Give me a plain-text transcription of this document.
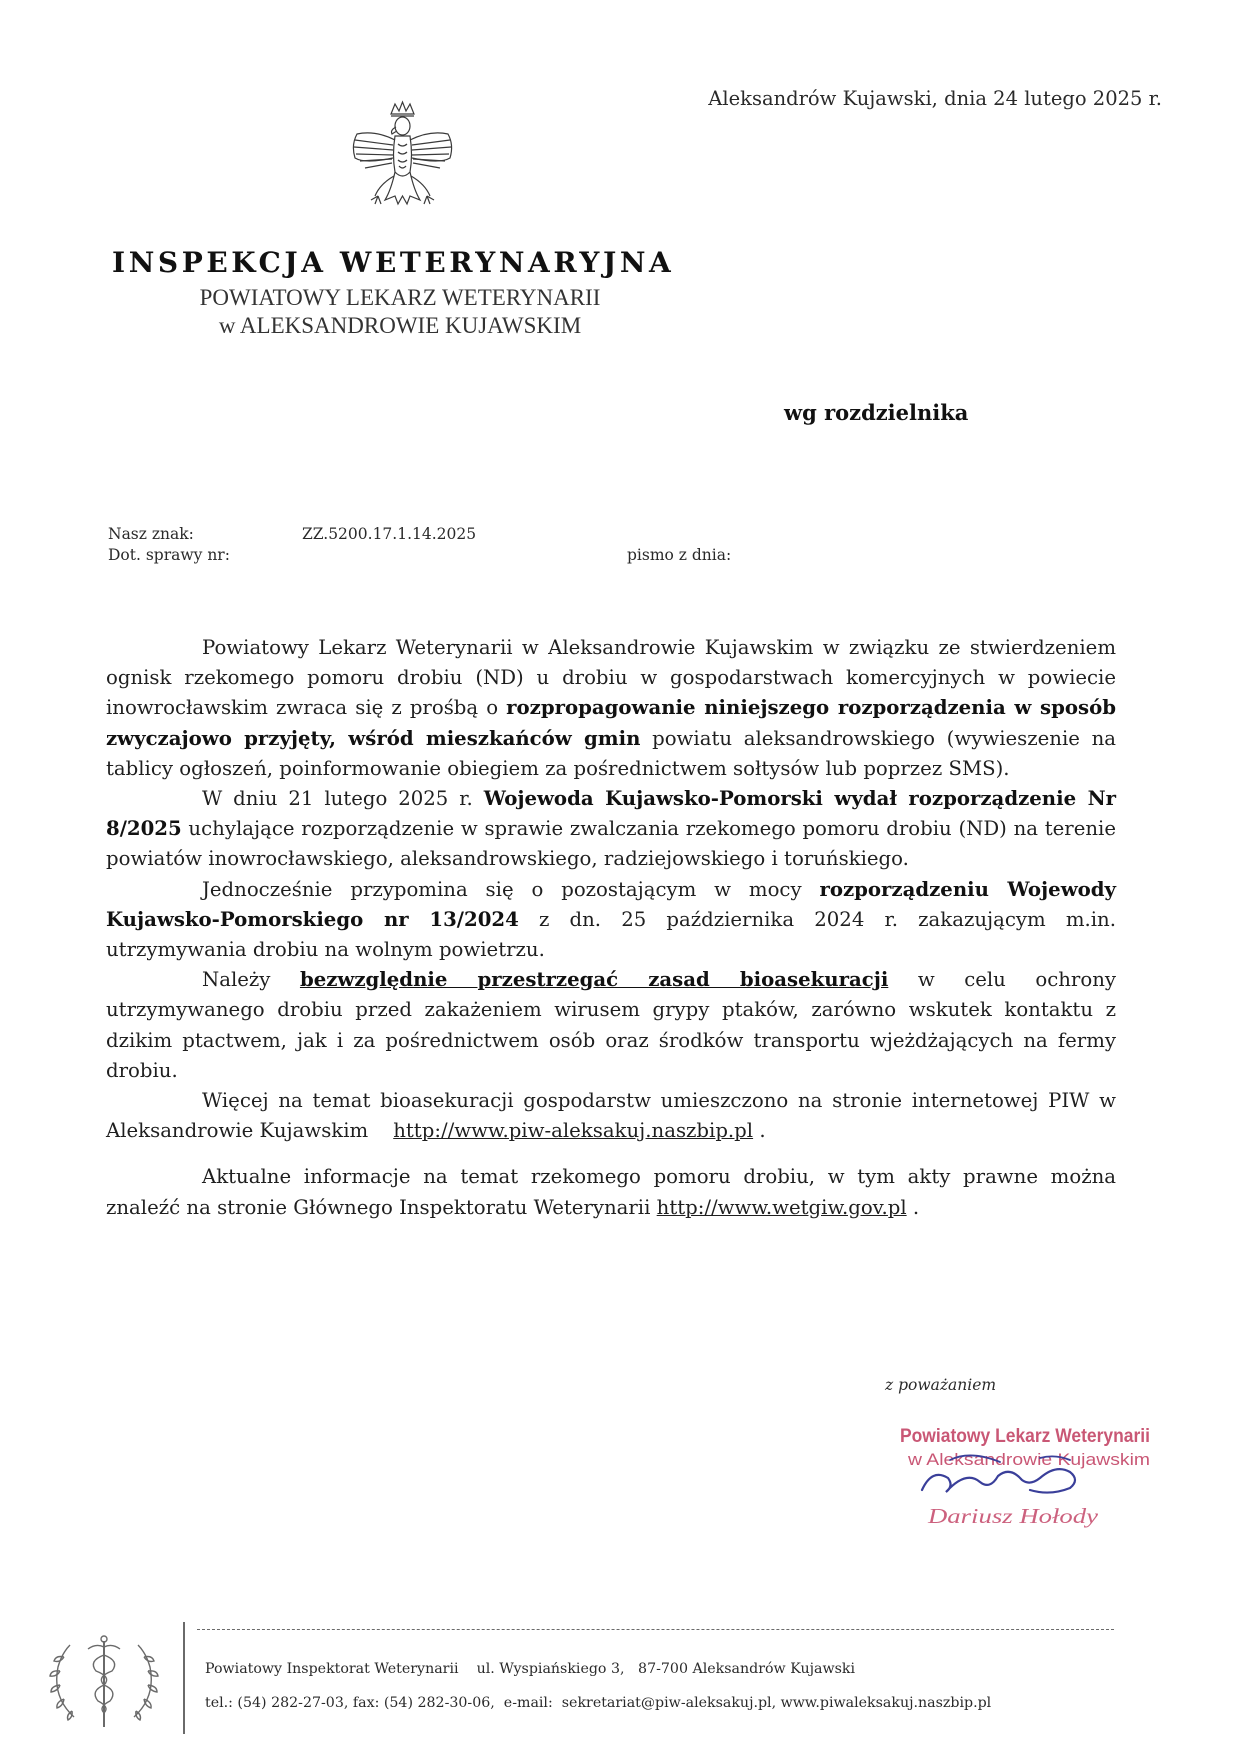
Aleksandrów Kujawski, dnia 24 lutego 2025 r.
INSPEKCJA WETERYNARYJNA
POWIATOWY LEKARZ WETERYNARII
w ALEKSANDROWIE KUJAWSKIM
wg rozdzielnika
Nasz znak:	ZZ.5200.17.1.14.2025
Dot. sprawy nr:	pismo z dnia:

Powiatowy Lekarz Weterynarii w Aleksandrowie Kujawskim w związku ze stwierdzeniem ognisk rzekomego pomoru drobiu (ND) u drobiu w gospodarstwach komercyjnych w powiecie inowrocławskim zwraca się z prośbą o rozpropagowanie niniejszego rozporządzenia w sposób zwyczajowo przyjęty, wśród mieszkańców gmin powiatu aleksandrowskiego (wywieszenie na tablicy ogłoszeń, poinformowanie obiegiem za pośrednictwem sołtysów lub poprzez SMS).

W dniu 21 lutego 2025 r. Wojewoda Kujawsko-Pomorski wydał rozporządzenie Nr 8/2025 uchylające rozporządzenie w sprawie zwalczania rzekomego pomoru drobiu (ND) na terenie powiatów inowrocławskiego, aleksandrowskiego, radziejowskiego i toruńskiego.

Jednocześnie przypomina się o pozostającym w mocy rozporządzeniu Wojewody Kujawsko-Pomorskiego nr 13/2024 z dn. 25 października 2024 r. zakazującym m.in. utrzymywania drobiu na wolnym powietrzu.

Należy bezwzględnie przestrzegać zasad bioasekuracji w celu ochrony utrzymywanego drobiu przed zakażeniem wirusem grypy ptaków, zarówno wskutek kontaktu z dzikim ptactwem, jak i za pośrednictwem osób oraz środków transportu wjeżdżających na fermy drobiu.

Więcej na temat bioasekuracji gospodarstw umieszczono na stronie internetowej PIW w Aleksandrowie Kujawskim    http://www.piw-aleksakuj.naszbip.pl .

Aktualne informacje na temat rzekomego pomoru drobiu, w tym akty prawne można znaleźć na stronie Głównego Inspektoratu Weterynarii http://www.wetgiw.gov.pl .

z poważaniem
Powiatowy Lekarz Weterynarii
w Aleksandrowie Kujawskim
Dariusz Hołody
Powiatowy Inspektorat Weterynarii    ul. Wyspiańskiego 3,   87-700 Aleksandrów Kujawski
tel.: (54) 282-27-03, fax: (54) 282-30-06,  e-mail:  sekretariat@piw-aleksakuj.pl, www.piwaleksakuj.naszbip.pl
